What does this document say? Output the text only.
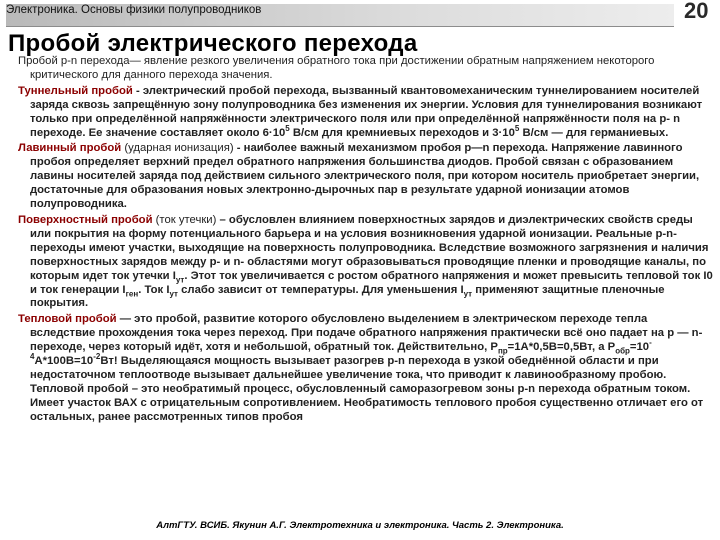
Электроника. Основы физики полупроводников	20
Пробой электрического перехода

Пробой р-n перехода— явление резкого увеличения обратного тока при достижении обратным напряжением некоторого критического для данного перехода значения.

Туннельный пробой - электрический пробой перехода, вызванный квантовомеханическим туннелированием носителей заряда сквозь запрещённую зону полупроводника без изменения их энергии. Условия для туннелирования возникают только при определённой напряжённости электрического поля или при определённой напряжённости поля на р- n переходе. Ее значение составляет около $6\cdot 10^5$ В/см для кремниевых переходов и $3\cdot 10^5$ В/см — для германиевых.

Лавинный пробой (ударная ионизация) - наиболее важный механизмом пробоя р—n перехода. Напряжение лавинного пробоя определяет верхний предел обратного напряжения большинства диодов. Пробой связан с образованием лавины носителей заряда под действием сильного электрического поля, при котором носитель приобретает энергии, достаточные для образования новых электронно-дырочных пар в результате ударной ионизации атомов полупроводника.

Поверхностный пробой (ток утечки) – обусловлен влиянием поверхностных зарядов и диэлектрических свойств среды или покрытия на форму потенциального барьера и на условия возникновения ударной ионизации. Реальные р-n-переходы имеют участки, выходящие на поверхность полупроводника. Вследствие возможного загрязнения и наличия поверхностных зарядов между р- и n- областями могут образовываться проводящие пленки и проводящие каналы, по которым идет ток утечки $I_{ут}$. Этот ток увеличивается с ростом обратного напряжения и может превысить тепловой ток I0 и ток генерации $I_{ген}$. Ток $I_{ут}$ слабо зависит от температуры. Для уменьшения $I_{ут}$ применяют защитные пленочные покрытия.

Тепловой пробой — это пробой, развитие которого обусловлено выделением в электрическом переходе тепла вследствие прохождения тока через переход. При подаче обратного напряжения практически всё оно падает на р — n-переходе, через который идёт, хотя и небольшой, обратный ток. Действительно, $P_{пр}=1А*0,5В=0,5Вт$, а $P_{обр}=10^{-4}А*100В=10^{-2}Вт$! Выделяющаяся мощность вызывает разогрев р-n перехода в узкой обеднённой области и при недостаточном теплоотводе вызывает дальнейшее увеличение тока, что приводит к лавинообразному пробою. Тепловой пробой – это необратимый процесс, обусловленный саморазогревом зоны р-n перехода обратным током. Имеет участок ВАХ с отрицательным сопротивлением. Необратимость теплового пробоя существенно отличает его от остальных, ранее рассмотренных типов пробоя

АлтГТУ. ВСИБ. Якунин А.Г. Электротехника и электроника. Часть 2. Электроника.
